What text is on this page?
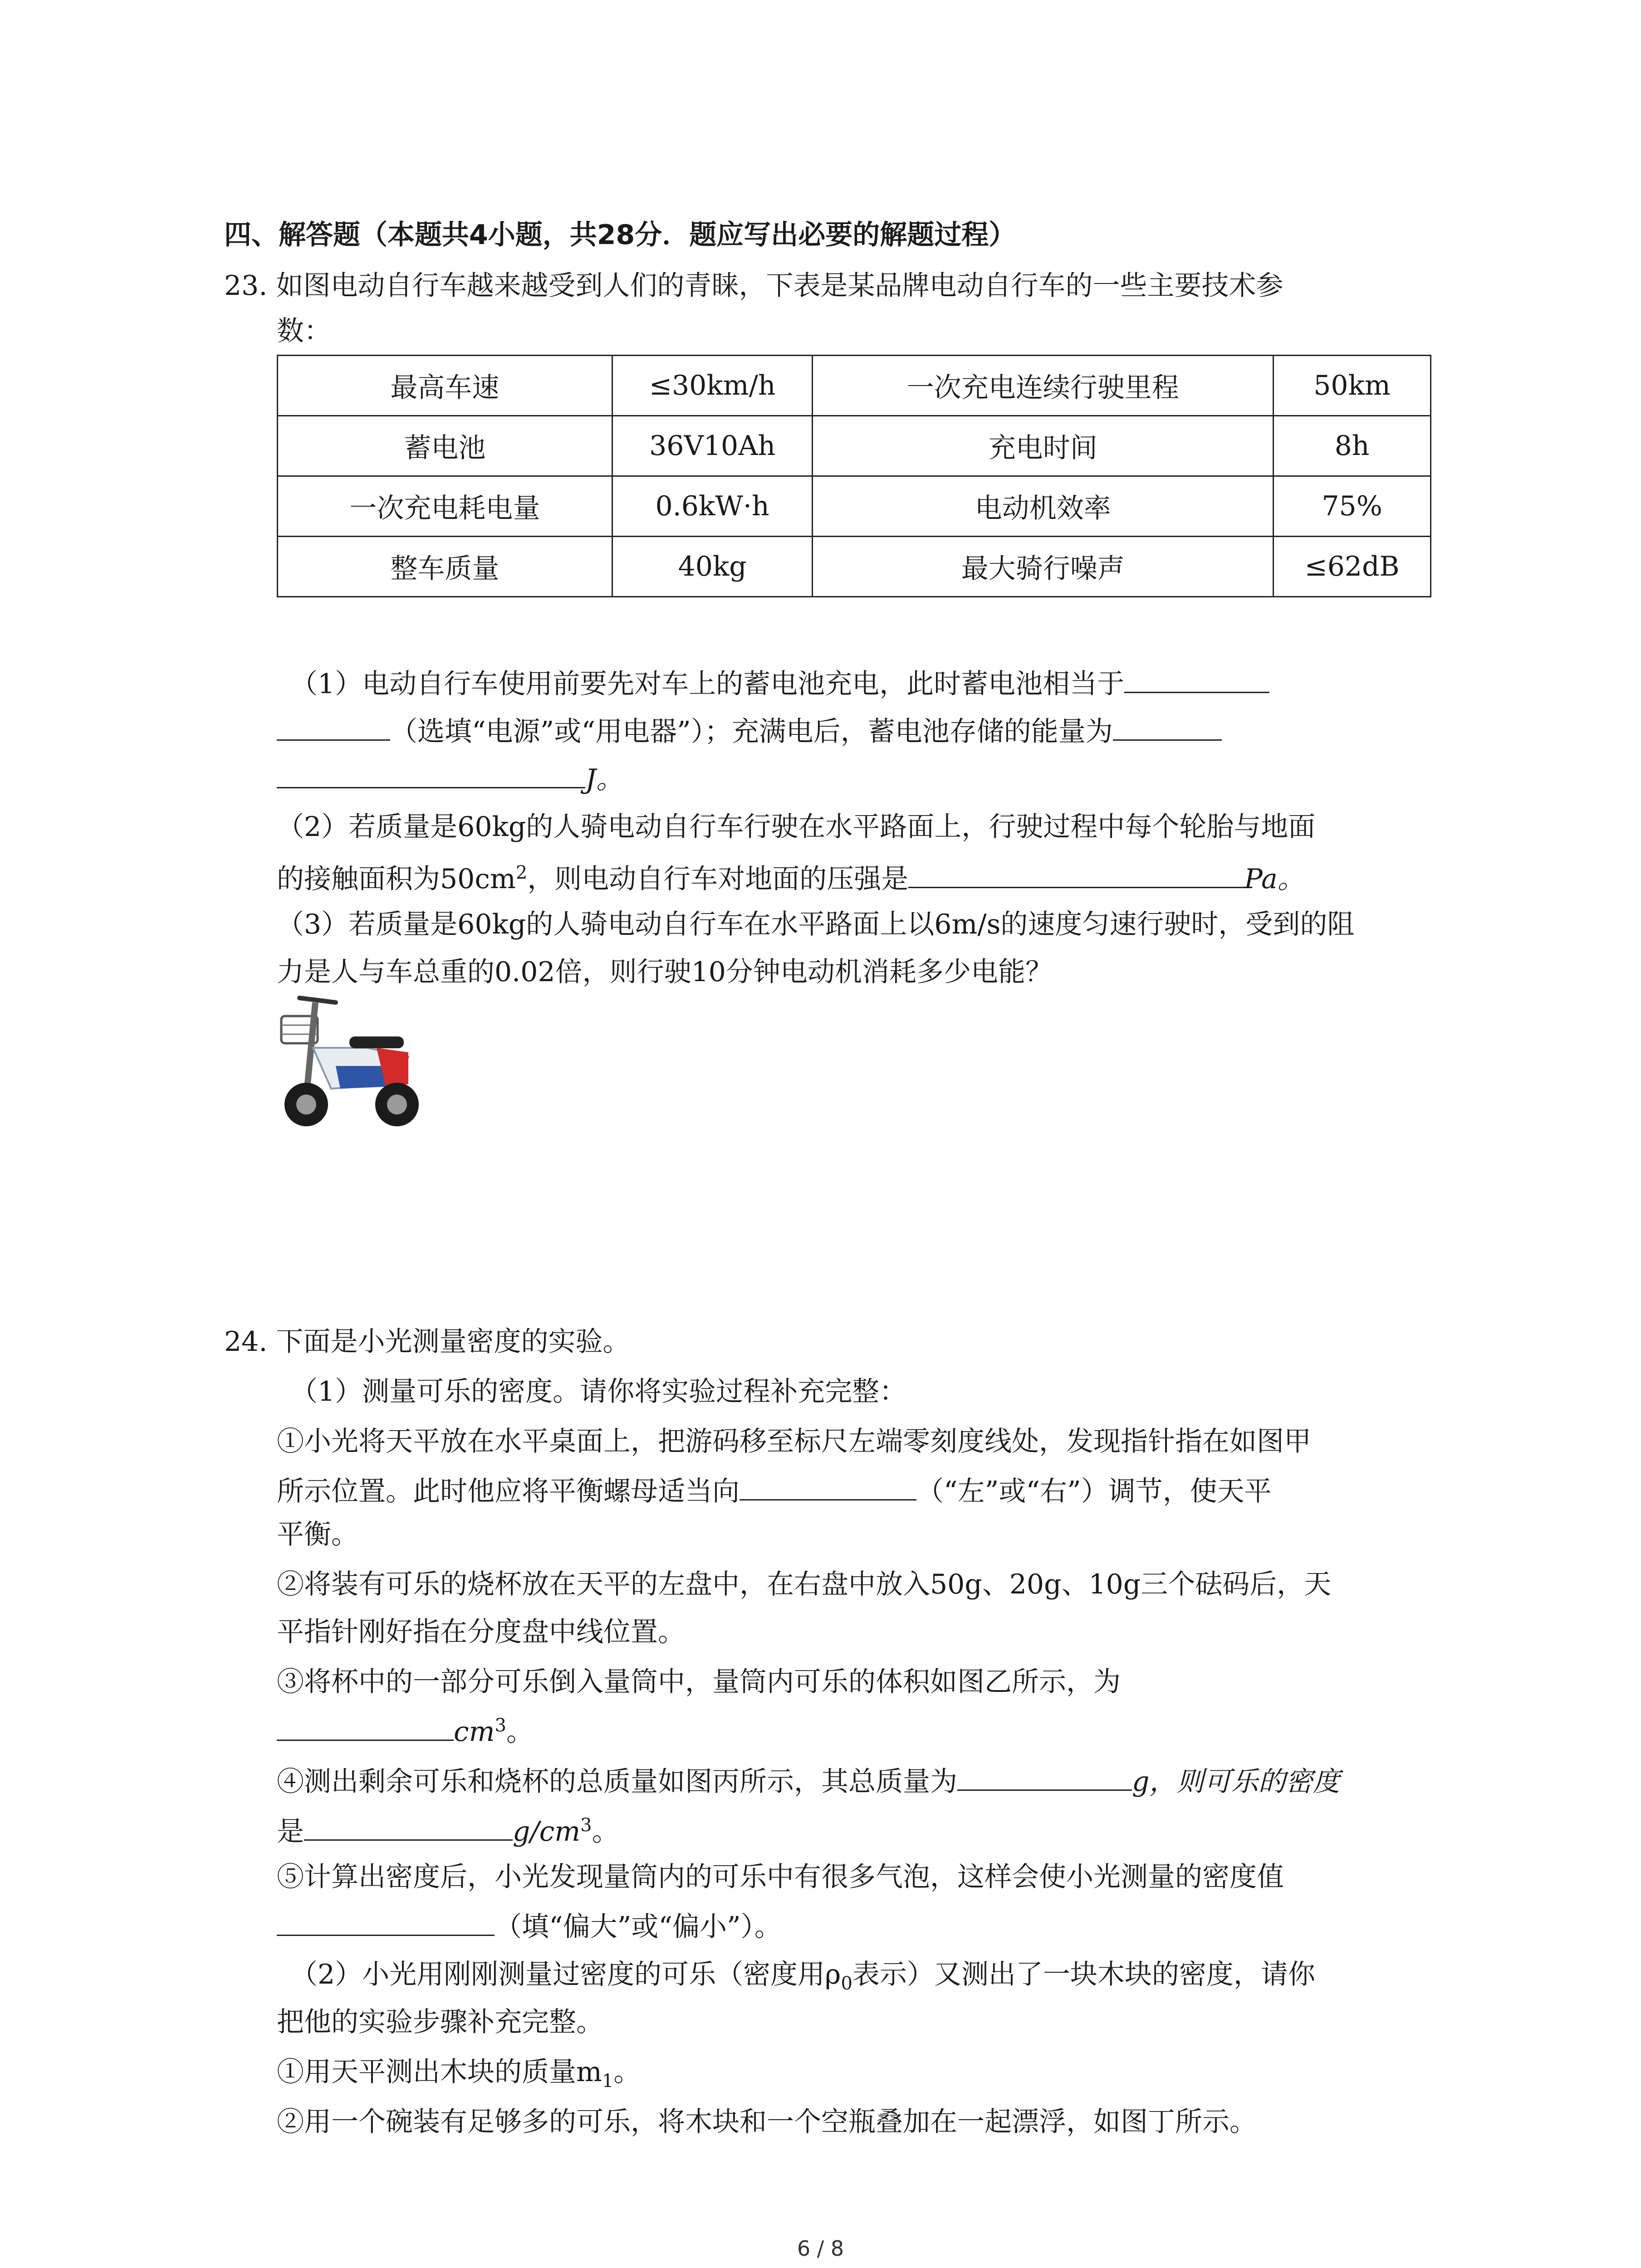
四、解答题（本题共4小题，共28分．题应写出必要的解题过程）
23. 如图电动自行车越来越受到人们的青睐，下表是某品牌电动自行车的一些主要技术参
数：
最高车速	≤30km/h	一次充电连续行驶里程	50km
蓄电池	36V10Ah	充电时间	8h
一次充电耗电量	0.6kW·h	电动机效率	75%
整车质量	40kg	最大骑行噪声	≤62dB
（1）电动自行车使用前要先对车上的蓄电池充电，此时蓄电池相当于
（选填“电源”或“用电器”）；充满电后，蓄电池存储的能量为
J。
（2）若质量是60kg的人骑电动自行车行驶在水平路面上，行驶过程中每个轮胎与地面
的接触面积为$50cm^2$，则电动自行车对地面的压强是	Pa。
（3）若质量是60kg的人骑电动自行车在水平路面上以6m/s的速度匀速行驶时，受到的阻
力是人与车总重的0.02倍，则行驶10分钟电动机消耗多少电能？
24. 下面是小光测量密度的实验。
（1）测量可乐的密度。请你将实验过程补充完整：
①小光将天平放在水平桌面上，把游码移至标尺左端零刻度线处，发现指针指在如图甲
所示位置。此时他应将平衡螺母适当向	（“左”或“右”）调节，使天平
平衡。
②将装有可乐的烧杯放在天平的左盘中，在右盘中放入50g、20g、10g三个砝码后，天
平指针刚好指在分度盘中线位置。
③将杯中的一部分可乐倒入量筒中，量筒内可乐的体积如图乙所示，为
$cm^3$。
④测出剩余可乐和烧杯的总质量如图丙所示，其总质量为	g，则可乐的密度
是	$g/cm^3$。
⑤计算出密度后，小光发现量筒内的可乐中有很多气泡，这样会使小光测量的密度值
（填“偏大”或“偏小”）。
（2）小光用刚刚测量过密度的可乐（密度用$\rho_0$表示）又测出了一块木块的密度，请你
把他的实验步骤补充完整。
①用天平测出木块的质量$m_1$。
②用一个碗装有足够多的可乐，将木块和一个空瓶叠加在一起漂浮，如图丁所示。
6 / 8
